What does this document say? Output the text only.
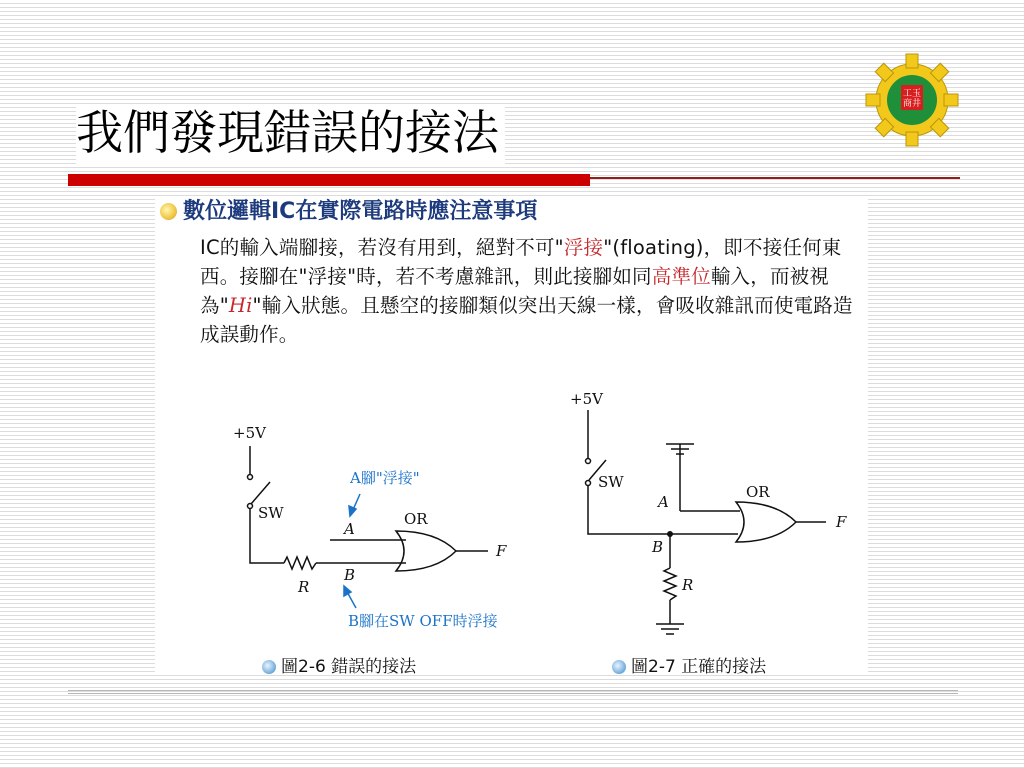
我們發現錯誤的接法
工玉
商井
數位邏輯IC在實際電路時應注意事項
IC的輸入端腳接，若沒有用到，絕對不可"浮接"(floating)，即不接任何東西。接腳在"浮接"時，若不考慮雜訊，則此接腳如同高準位輸入，而被視為"Hi"輸入狀態。且懸空的接腳類似突出天線一樣，會吸收雜訊而使電路造成誤動作。
+5V
SW
R
A
B
OR
F
A腳"浮接"
B腳在SW OFF時浮接
+5V
SW
R
A
B
OR
F
圖2-6 錯誤的接法	圖2-7 正確的接法
